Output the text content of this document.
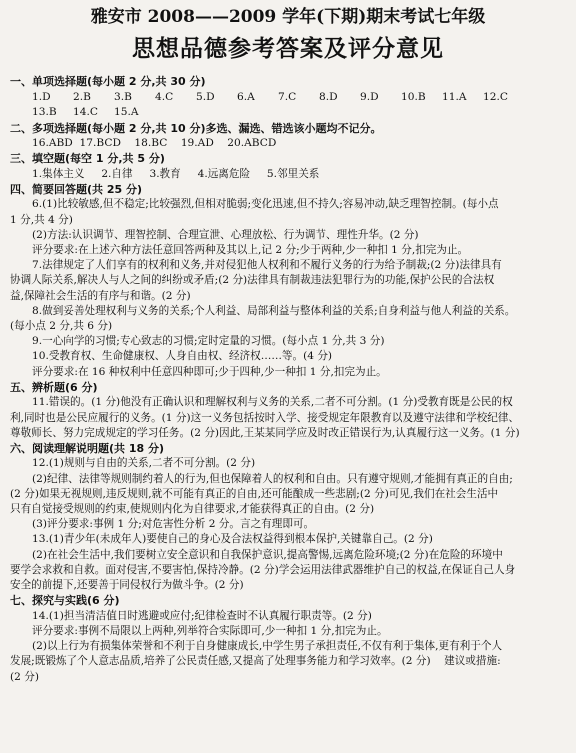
雅安市 2008——2009 学年(下期)期末考试七年级

思想品德参考答案及评分意见

一、单项选择题(每小题 2 分,共 30 分)

1.D	2.B	3.B	4.C	5.D	6.A	7.C	8.D	9.D	10.B	11.A	12.C
13.B	14.C	15.A

二、多项选择题(每小题 2 分,共 10 分)多选、漏选、错选该小题均不记分。

16.ABD  17.BCD    18.BC    19.AD    20.ABCD

三、填空题(每空 1 分,共 5 分)

1.集体主义     2.自律     3.教育     4.远离危险     5.邻里关系

四、简要回答题(共 25 分)

6.(1)比较敏感,但不稳定;比较强烈,但相对脆弱;变化迅速,但不持久;容易冲动,缺乏理智控制。(每小点

1 分,共 4 分)

(2)方法:认识调节、理智控制、合理宣泄、心理放松、行为调节、理性升华。(2 分)

评分要求:在上述六种方法任意回答两种及其以上,记 2 分;少于两种,少一种扣 1 分,扣完为止。

7.法律规定了人们享有的权利和义务,并对侵犯他人权利和不履行义务的行为给予制裁;(2 分)法律具有

协调人际关系,解决人与人之间的纠纷或矛盾;(2 分)法律具有制裁违法犯罪行为的功能,保护公民的合法权

益,保障社会生活的有序与和谐。(2 分)

8.做到妥善处理权利与义务的关系;个人利益、局部利益与整体利益的关系;自身利益与他人利益的关系。

(每小点 2 分,共 6 分)

9.一心向学的习惯;专心致志的习惯;定时定量的习惯。(每小点 1 分,共 3 分)

10.受教育权、生命健康权、人身自由权、经济权……等。(4 分)

评分要求:在 16 种权利中任意四种即可;少于四种,少一种扣 1 分,扣完为止。

五、辨析题(6 分)

11.错误的。(1 分)他没有正确认识和理解权利与义务的关系,二者不可分割。(1 分)受教育既是公民的权

利,同时也是公民应履行的义务。(1 分)这一义务包括按时入学、接受规定年限教育以及遵守法律和学校纪律、

尊敬师长、努力完成规定的学习任务。(2 分)因此,王某某同学应及时改正错误行为,认真履行这一义务。(1 分)

六、阅读理解说明题(共 18 分)

12.(1)规则与自由的关系,二者不可分割。(2 分)

(2)纪律、法律等规则制约着人的行为,但也保障着人的权利和自由。只有遵守规则,才能拥有真正的自由;

(2 分)如果无视规则,违反规则,就不可能有真正的自由,还可能酿成一些悲剧;(2 分)可见,我们在社会生活中

只有自觉接受规则的约束,使规则内化为自律要求,才能获得真正的自由。(2 分)

(3)评分要求:事例 1 分;对危害性分析 2 分。言之有理即可。

13.(1)青少年(未成年人)要使自己的身心及合法权益得到根本保护,关键靠自己。(2 分)

(2)在社会生活中,我们要树立安全意识和自我保护意识,提高警惕,远离危险环境;(2 分)在危险的环境中

要学会求救和自救。面对侵害,不要害怕,保持冷静。(2 分)学会运用法律武器维护自己的权益,在保证自己人身

安全的前提下,还要善于同侵权行为做斗争。(2 分)

七、探究与实践(6 分)

14.(1)担当清洁值日时逃避或应付;纪律检查时不认真履行职责等。(2 分)

评分要求:事例不局限以上两种,列举符合实际即可,少一种扣 1 分,扣完为止。

(2)以上行为有损集体荣誉和不利于自身健康成长,中学生男子承担责任,不仅有利于集体,更有利于个人

发展;既锻炼了个人意志品质,培养了公民责任感,又提高了处理事务能力和学习效率。(2 分)    建议或措施:

(2 分)
